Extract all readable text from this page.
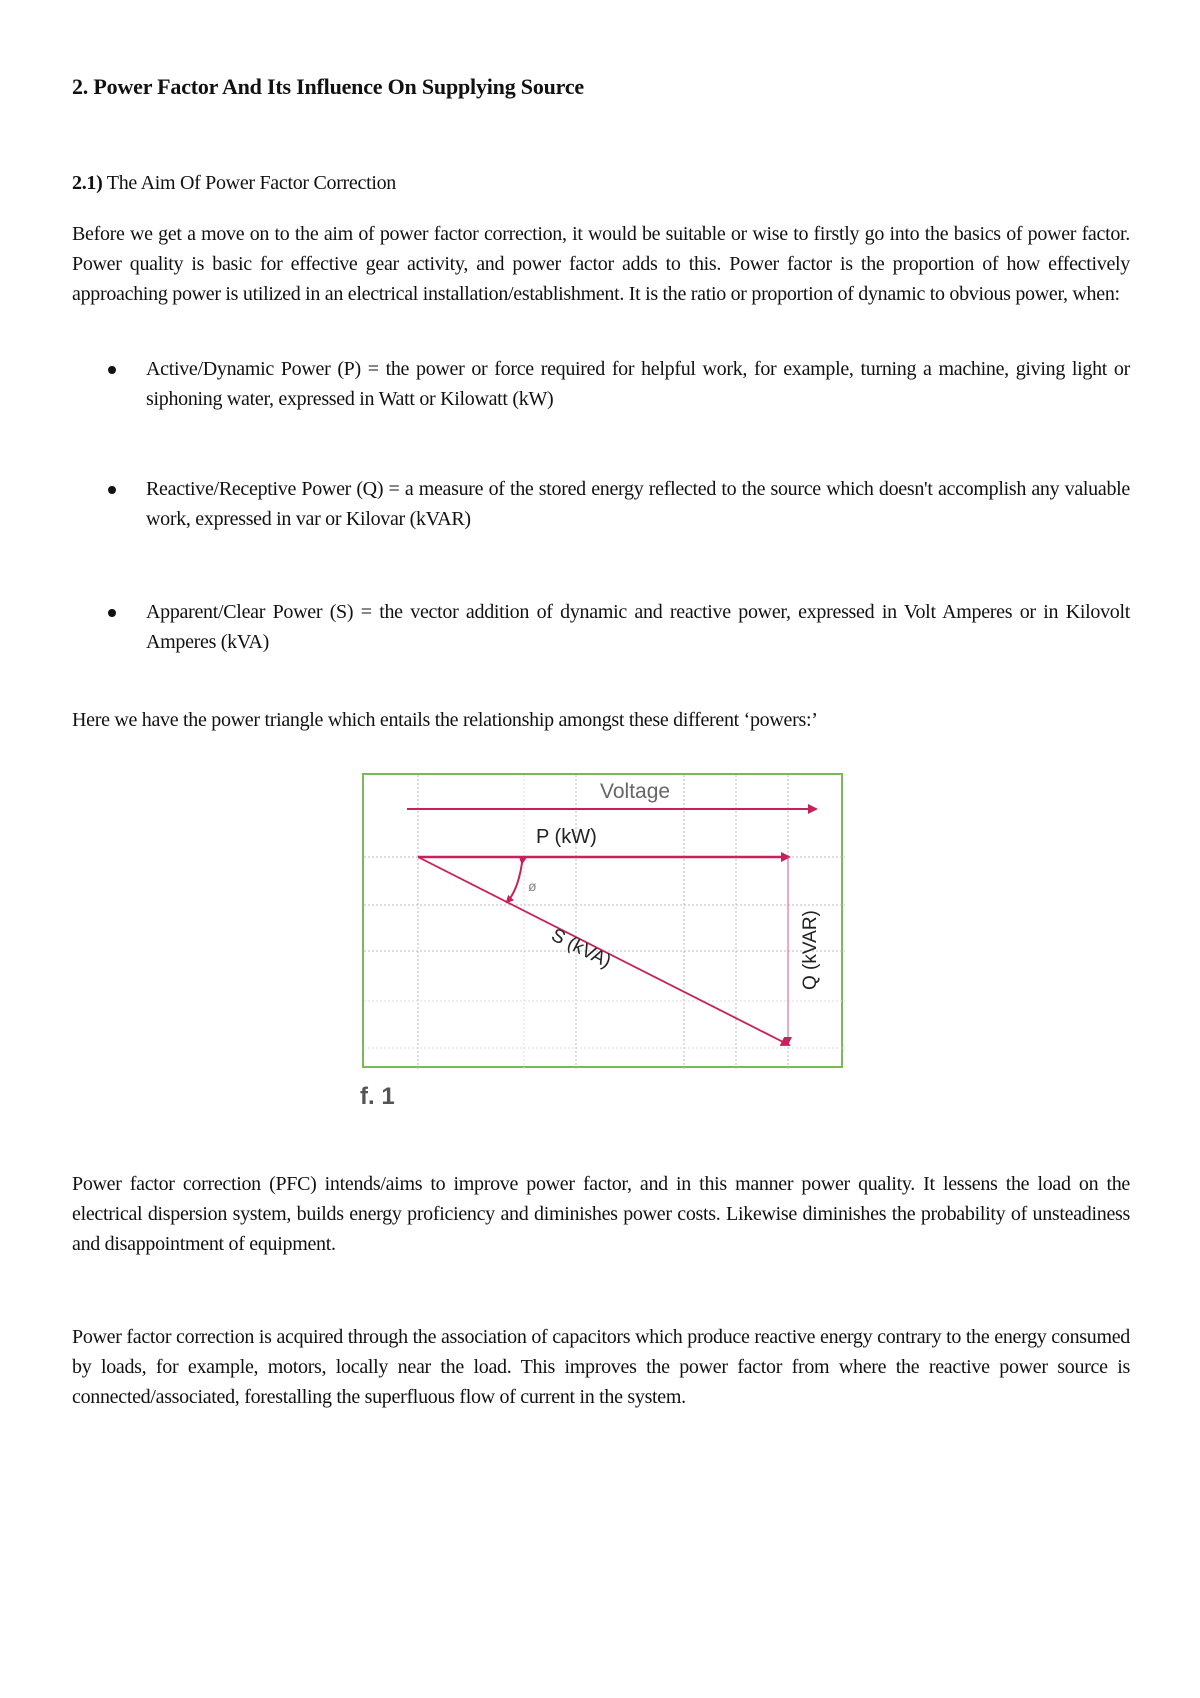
2. Power Factor And Its Influence On Supplying Source
2.1) The Aim Of Power Factor Correction

Before we get a move on to the aim of power factor correction, it would be suitable or wise to firstly go into the basics of power factor. Power quality is basic for effective gear activity, and power factor adds to this. Power factor is the proportion of how effectively approaching power is utilized in an electrical installation/establishment. It is the ratio or proportion of dynamic to obvious power, when:

Active/Dynamic Power (P) = the power or force required for helpful work, for example, turning a machine, giving light or siphoning water, expressed in Watt or Kilowatt (kW)
Reactive/Receptive Power (Q) = a measure of the stored energy reflected to the source which doesn't accomplish any valuable work, expressed in var or Kilovar (kVAR)
Apparent/Clear Power (S) = the vector addition of dynamic and reactive power, expressed in Volt Amperes or in Kilovolt Amperes (kVA)

Here we have the power triangle which entails the relationship amongst these different ‘powers:’

Voltage
P (kW)
ø
S (kVA)	Q (kVAR)
f. 1

Power factor correction (PFC) intends/aims to improve power factor, and in this manner power quality. It lessens the load on the electrical dispersion system, builds energy proficiency and diminishes power costs. Likewise diminishes the probability of unsteadiness and disappointment of equipment.

Power factor correction is acquired through the association of capacitors which produce reactive energy contrary to the energy consumed by loads, for example, motors, locally near the load. This improves the power factor from where the reactive power source is connected/associated, forestalling the superfluous flow of current in the system.
